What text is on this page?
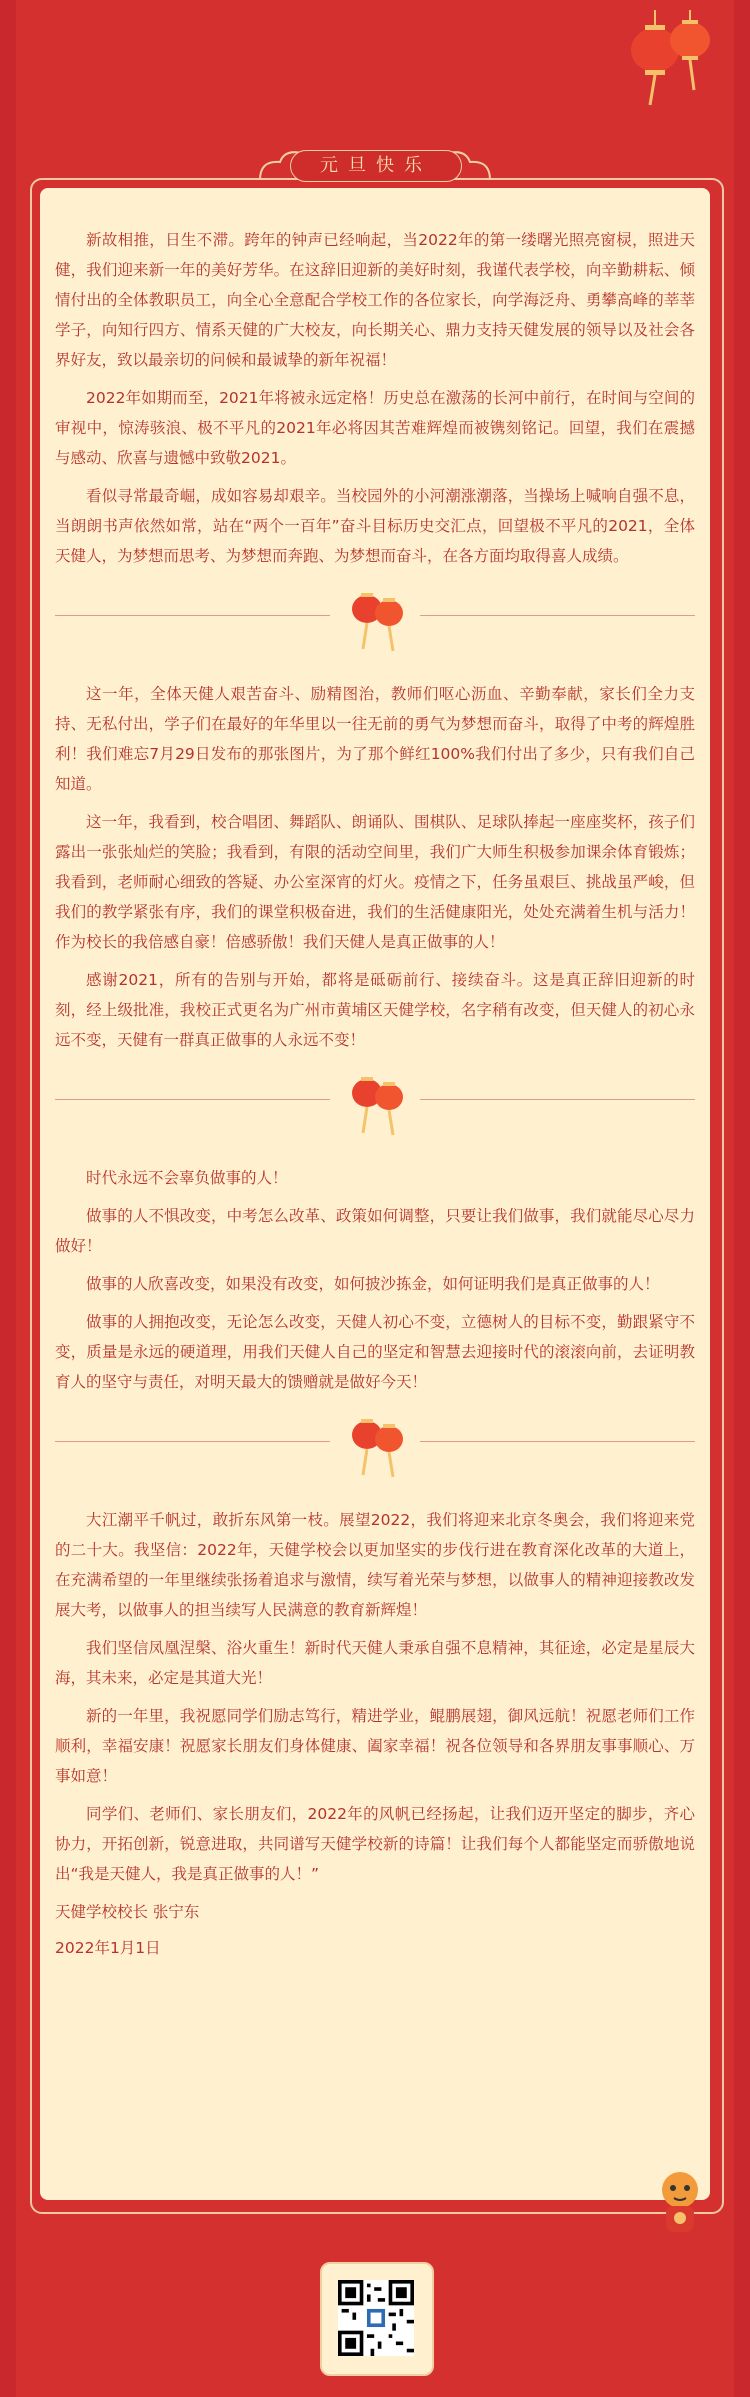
元旦快乐

新故相推，日生不滞。跨年的钟声已经响起，当2022年的第一缕曙光照亮窗棂，照进天健，我们迎来新一年的美好芳华。在这辞旧迎新的美好时刻，我谨代表学校，向辛勤耕耘、倾情付出的全体教职员工，向全心全意配合学校工作的各位家长，向学海泛舟、勇攀高峰的莘莘学子，向知行四方、情系天健的广大校友，向长期关心、鼎力支持天健发展的领导以及社会各界好友，致以最亲切的问候和最诚挚的新年祝福！

2022年如期而至，2021年将被永远定格！历史总在激荡的长河中前行，在时间与空间的审视中，惊涛骇浪、极不平凡的2021年必将因其苦难辉煌而被镌刻铭记。回望，我们在震撼与感动、欣喜与遗憾中致敬2021。

看似寻常最奇崛，成如容易却艰辛。当校园外的小河潮涨潮落，当操场上喊响自强不息，当朗朗书声依然如常，站在“两个一百年”奋斗目标历史交汇点，回望极不平凡的2021，全体天健人，为梦想而思考、为梦想而奔跑、为梦想而奋斗，在各方面均取得喜人成绩。

这一年，全体天健人艰苦奋斗、励精图治，教师们呕心沥血、辛勤奉献，家长们全力支持、无私付出，学子们在最好的年华里以一往无前的勇气为梦想而奋斗，取得了中考的辉煌胜利！我们难忘7月29日发布的那张图片，为了那个鲜红100%我们付出了多少，只有我们自己知道。

这一年，我看到，校合唱团、舞蹈队、朗诵队、围棋队、足球队捧起一座座奖杯，孩子们露出一张张灿烂的笑脸；我看到，有限的活动空间里，我们广大师生积极参加课余体育锻炼；我看到，老师耐心细致的答疑、办公室深宵的灯火。疫情之下，任务虽艰巨、挑战虽严峻，但我们的教学紧张有序，我们的课堂积极奋进，我们的生活健康阳光，处处充满着生机与活力！作为校长的我倍感自豪！倍感骄傲！我们天健人是真正做事的人！

感谢2021，所有的告别与开始，都将是砥砺前行、接续奋斗。这是真正辞旧迎新的时刻，经上级批准，我校正式更名为广州市黄埔区天健学校，名字稍有改变，但天健人的初心永远不变，天健有一群真正做事的人永远不变！

时代永远不会辜负做事的人！

做事的人不惧改变，中考怎么改革、政策如何调整，只要让我们做事，我们就能尽心尽力做好！

做事的人欣喜改变，如果没有改变，如何披沙拣金，如何证明我们是真正做事的人！

做事的人拥抱改变，无论怎么改变，天健人初心不变，立德树人的目标不变，勤跟紧守不变，质量是永远的硬道理，用我们天健人自己的坚定和智慧去迎接时代的滚滚向前，去证明教育人的坚守与责任，对明天最大的馈赠就是做好今天！

大江潮平千帆过，敢折东风第一枝。展望2022，我们将迎来北京冬奥会，我们将迎来党的二十大。我坚信：2022年，天健学校会以更加坚实的步伐行进在教育深化改革的大道上，在充满希望的一年里继续张扬着追求与激情，续写着光荣与梦想，以做事人的精神迎接教改发展大考，以做事人的担当续写人民满意的教育新辉煌！

我们坚信凤凰涅槃、浴火重生！新时代天健人秉承自强不息精神，其征途，必定是星辰大海，其未来，必定是其道大光！

新的一年里，我祝愿同学们励志笃行，精进学业，鲲鹏展翅，御风远航！祝愿老师们工作顺利，幸福安康！祝愿家长朋友们身体健康、阖家幸福！祝各位领导和各界朋友事事顺心、万事如意！

同学们、老师们、家长朋友们，2022年的风帆已经扬起，让我们迈开坚定的脚步，齐心协力，开拓创新，锐意进取，共同谱写天健学校新的诗篇！让我们每个人都能坚定而骄傲地说出“我是天健人，我是真正做事的人！”

天健学校校长 张宁东

2022年1月1日
